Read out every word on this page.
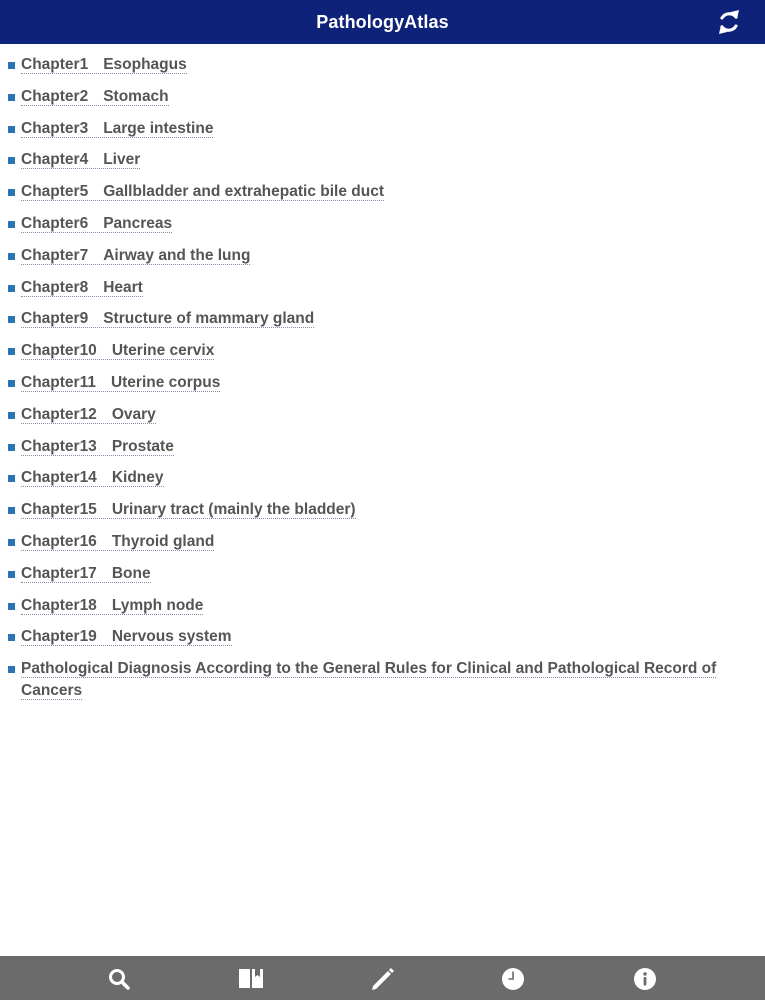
PathologyAtlas
Chapter1 Esophagus
Chapter2 Stomach
Chapter3 Large intestine
Chapter4 Liver
Chapter5 Gallbladder and extrahepatic bile duct
Chapter6 Pancreas
Chapter7 Airway and the lung
Chapter8 Heart
Chapter9 Structure of mammary gland
Chapter10 Uterine cervix
Chapter11 Uterine corpus
Chapter12 Ovary
Chapter13 Prostate
Chapter14 Kidney
Chapter15 Urinary tract (mainly the bladder)
Chapter16 Thyroid gland
Chapter17 Bone
Chapter18 Lymph node
Chapter19 Nervous system
Pathological Diagnosis According to the General Rules for Clinical and Pathological Record of Cancers
